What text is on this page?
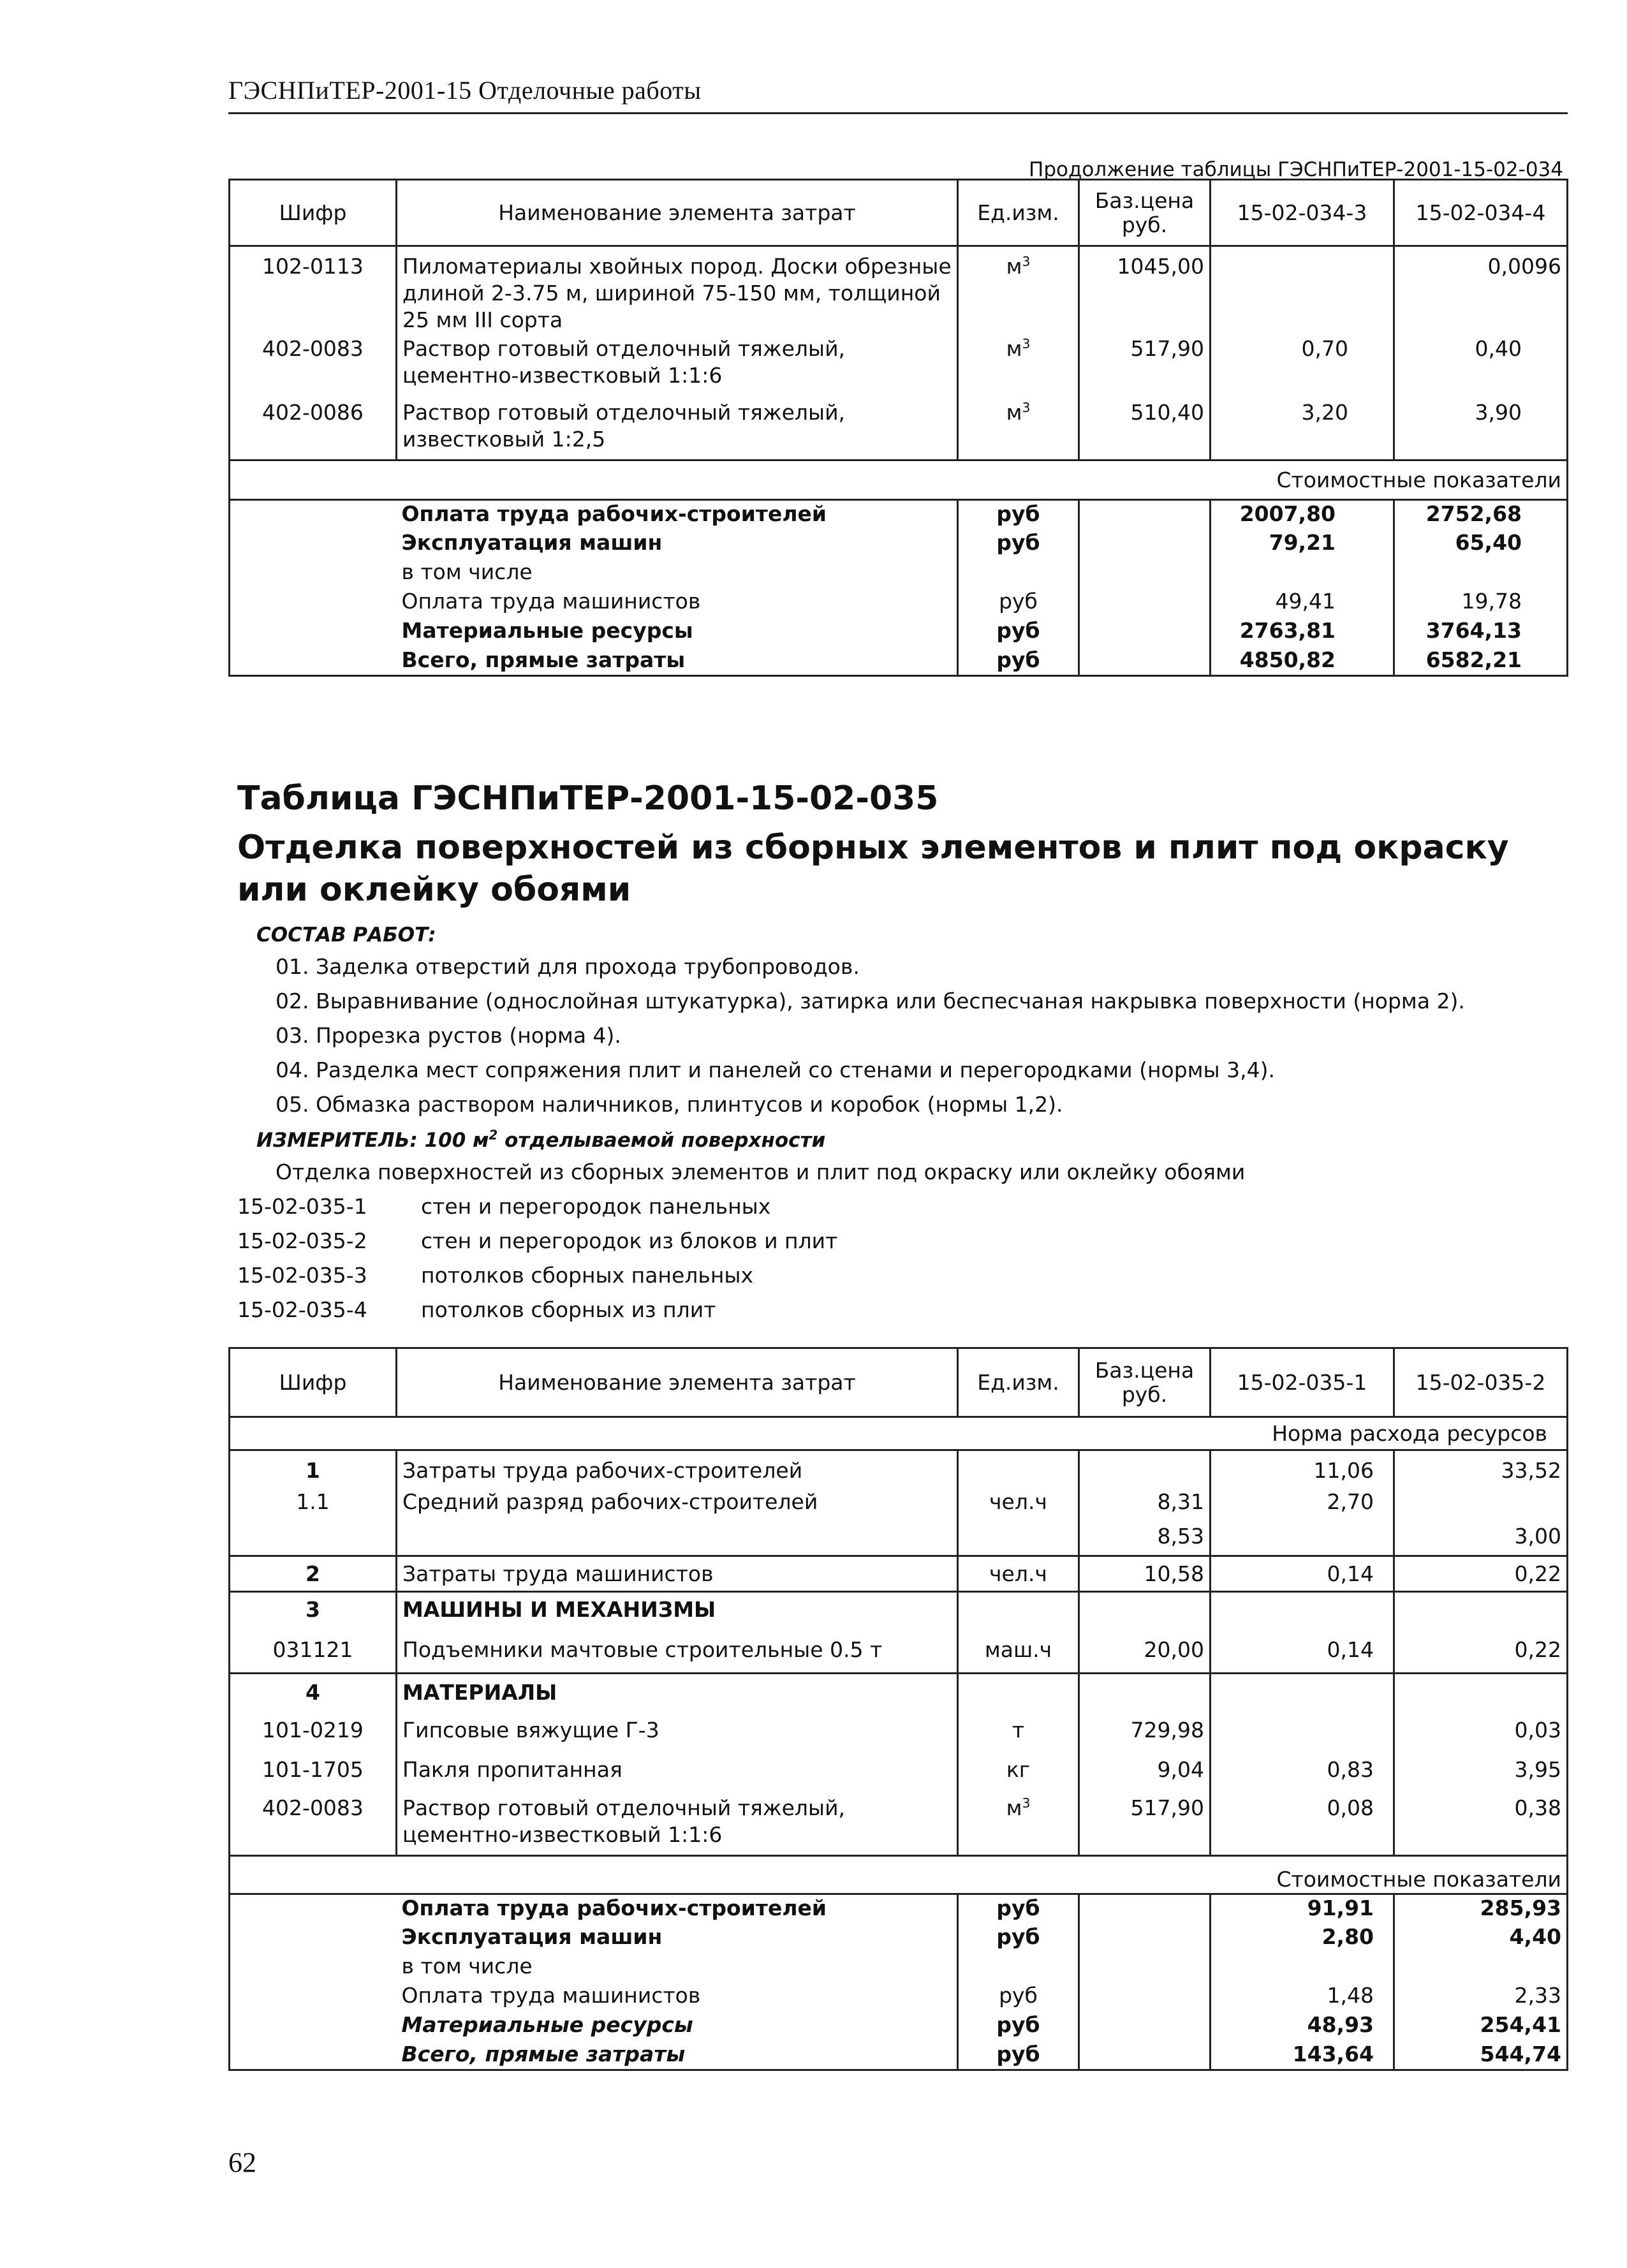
ГЭСНПиТЕР-2001-15 Отделочные работы
Продолжение таблицы ГЭСНПиТЕР-2001-15-02-034
Шифр	Наименование элемента затрат	Ед.изм.	Баз.цена руб.	15-02-034-3	15-02-034-4
102-0113	Пиломатериалы хвойных пород. Доски обрезные длиной 2-3.75 м, шириной 75-150 мм, толщиной 25 мм III сорта	$м^3$	1045,00		0,0096
402-0083	Раствор готовый отделочный тяжелый, цементно-известковый 1:1:6	$м^3$	517,90	0,70	0,40
402-0086	Раствор готовый отделочный тяжелый, известковый 1:2,5	$м^3$	510,40	3,20	3,90
Стоимостные показатели					
	Оплата труда рабочих-строителей	руб		2007,80	2752,68
	Эксплуатация машин	руб		79,21	65,40
	в том числе				
	Оплата труда машинистов	руб		49,41	19,78
	Материальные ресурсы	руб		2763,81	3764,13
	Всего, прямые затраты	руб		4850,82	6582,21
Таблица ГЭСНПиТЕР-2001-15-02-035
Отделка поверхностей из сборных элементов и плит под окраску или оклейку обоями
СОСТАВ РАБОТ:
01. Заделка отверстий для прохода трубопроводов.
02. Выравнивание (однослойная штукатурка), затирка или беспесчаная накрывка поверхности (норма 2).
03. Прорезка рустов (норма 4).
04. Разделка мест сопряжения плит и панелей со стенами и перегородками (нормы 3,4).
05. Обмазка раствором наличников, плинтусов и коробок (нормы 1,2).
ИЗМЕРИТЕЛЬ: 100 $м^2$ отделываемой поверхности
Отделка поверхностей из сборных элементов и плит под окраску или оклейку обоями
15-02-035-1	стен и перегородок панельных
15-02-035-2	стен и перегородок из блоков и плит
15-02-035-3	потолков сборных панельных
15-02-035-4	потолков сборных из плит
Шифр	Наименование элемента затрат	Ед.изм.	Баз.цена руб.	15-02-035-1	15-02-035-2
Норма расхода ресурсов					
1	Затраты труда рабочих-строителей			11,06	33,52
1.1	Средний разряд рабочих-строителей	чел.ч	8,31	2,70	
			8,53		3,00
2	Затраты труда машинистов	чел.ч	10,58	0,14	0,22
3	МАШИНЫ И МЕХАНИЗМЫ				
031121	Подъемники мачтовые строительные 0.5 т	маш.ч	20,00	0,14	0,22
4	МАТЕРИАЛЫ				
101-0219	Гипсовые вяжущие Г-3	т	729,98		0,03
101-1705	Пакля пропитанная	кг	9,04	0,83	3,95
402-0083	Раствор готовый отделочный тяжелый, цементно-известковый 1:1:6	$м^3$	517,90	0,08	0,38
Стоимостные показатели					
	Оплата труда рабочих-строителей	руб		91,91	285,93
	Эксплуатация машин	руб		2,80	4,40
	в том числе				
	Оплата труда машинистов	руб		1,48	2,33
	Материальные ресурсы	руб		48,93	254,41
	Всего, прямые затраты	руб		143,64	544,74
62
